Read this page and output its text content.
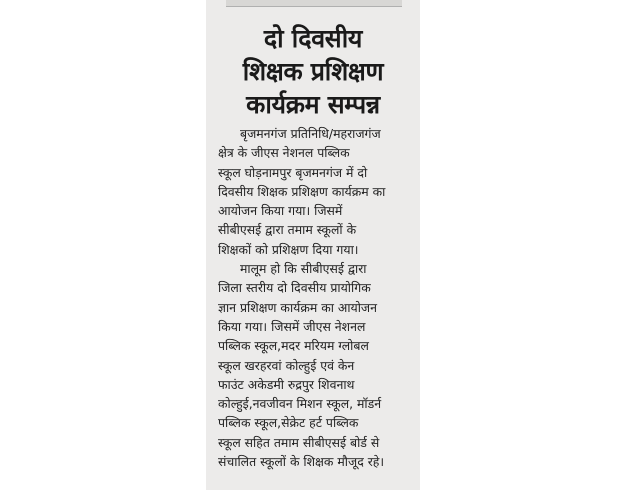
दो दिवसीय
शिक्षक प्रशिक्षण
कार्यक्रम सम्पन्न
बृजमनगंज प्रतिनिधि/महराजगंज
क्षेत्र के जीएस नेशनल पब्लिक
स्कूल घोड़नामपुर बृजमनगंज में दो
दिवसीय शिक्षक प्रशिक्षण कार्यक्रम का
आयोजन किया गया। जिसमें
सीबीएसई द्वारा तमाम स्कूलों के
शिक्षकों को प्रशिक्षण दिया गया।
मालूम हो कि सीबीएसई द्वारा
जिला स्तरीय दो दिवसीय प्रायोगिक
ज्ञान प्रशिक्षण कार्यक्रम का आयोजन
किया गया। जिसमें जीएस नेशनल
पब्लिक स्कूल,मदर मरियम ग्लोबल
स्कूल खरहरवां कोल्हुई एवं केन
फाउंट अकेडमी रुद्रपुर शिवनाथ
कोल्हुई,नवजीवन मिशन स्कूल, मॉडर्न
पब्लिक स्कूल,सेक्रेट हर्ट पब्लिक
स्कूल सहित तमाम सीबीएसई बोर्ड से
संचालित स्कूलों के शिक्षक मौजूद रहे।
